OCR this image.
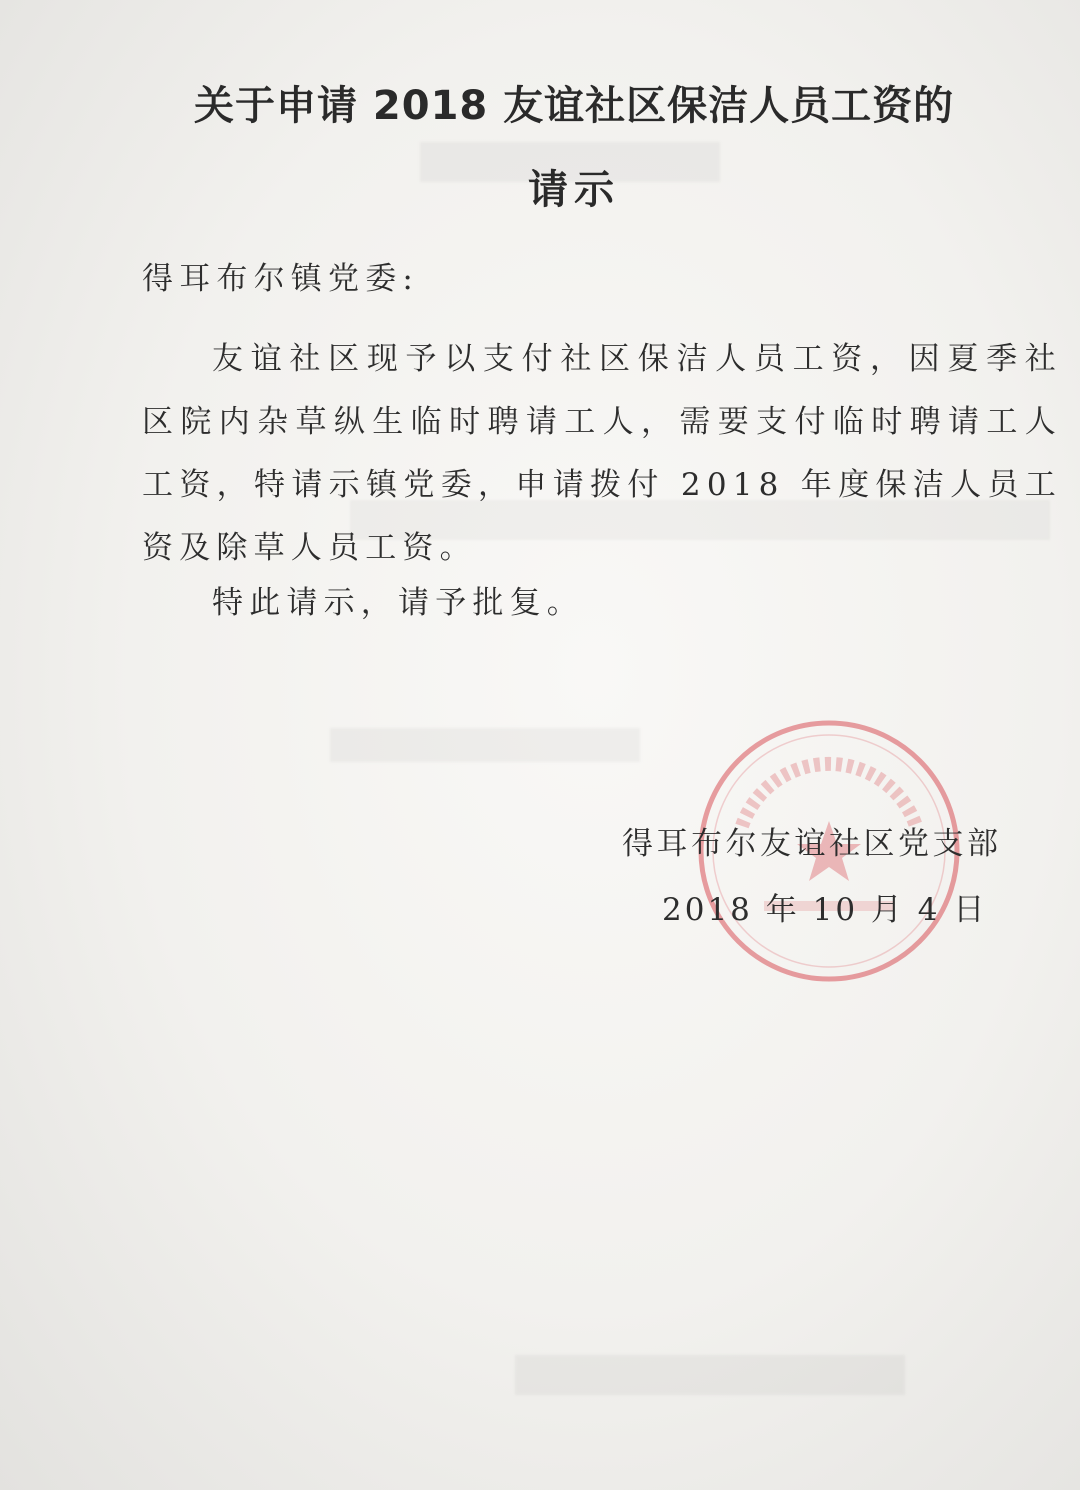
关于申请 2018 友谊社区保洁人员工资的
请示
得耳布尔镇党委:
友谊社区现予以支付社区保洁人员工资，因夏季社区院内杂草纵生临时聘请工人，需要支付临时聘请工人工资，特请示镇党委，申请拨付 2018 年度保洁人员工资及除草人员工资。
特此请示，请予批复。
得耳布尔友谊社区党支部
2018 年 10 月 4 日
